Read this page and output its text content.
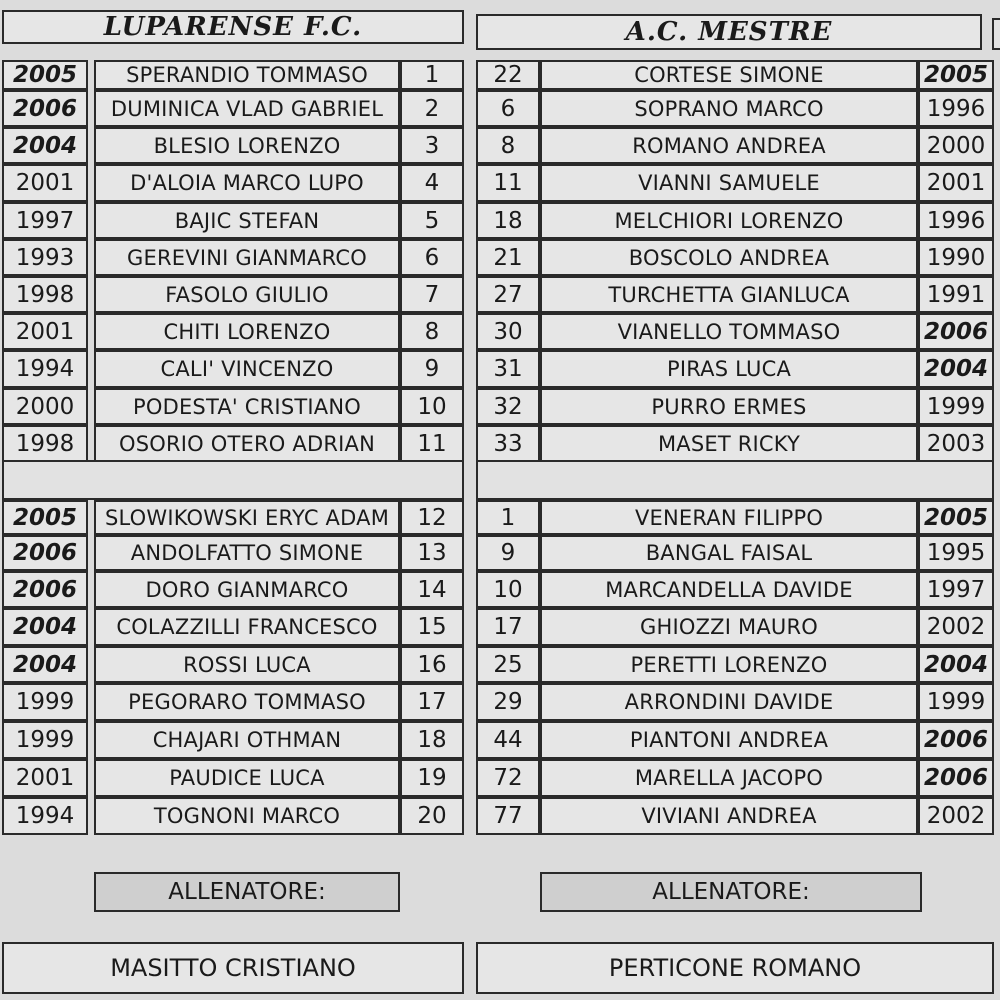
LUPARENSE F.C.	A.C. MESTRE
2005	SPERANDIO TOMMASO	1
2006	DUMINICA VLAD GABRIEL	2
2004	BLESIO LORENZO	3
2001	D'ALOIA MARCO LUPO	4
1997	BAJIC STEFAN	5
1993	GEREVINI GIANMARCO	6
1998	FASOLO GIULIO	7
2001	CHITI LORENZO	8
1994	CALI' VINCENZO	9
2000	PODESTA' CRISTIANO	10
1998	OSORIO OTERO ADRIAN	11
2005	SLOWIKOWSKI ERYC ADAM	12
2006	ANDOLFATTO SIMONE	13
2006	DORO GIANMARCO	14
2004	COLAZZILLI FRANCESCO	15
2004	ROSSI LUCA	16
1999	PEGORARO TOMMASO	17
1999	CHAJARI OTHMAN	18
2001	PAUDICE LUCA	19
1994	TOGNONI MARCO	20
22	CORTESE SIMONE	2005
6	SOPRANO MARCO	1996
8	ROMANO ANDREA	2000
11	VIANNI SAMUELE	2001
18	MELCHIORI LORENZO	1996
21	BOSCOLO ANDREA	1990
27	TURCHETTA GIANLUCA	1991
30	VIANELLO TOMMASO	2006
31	PIRAS LUCA	2004
32	PURRO ERMES	1999
33	MASET RICKY	2003
1	VENERAN FILIPPO	2005
9	BANGAL FAISAL	1995
10	MARCANDELLA DAVIDE	1997
17	GHIOZZI MAURO	2002
25	PERETTI LORENZO	2004
29	ARRONDINI DAVIDE	1999
44	PIANTONI ANDREA	2006
72	MARELLA JACOPO	2006
77	VIVIANI ANDREA	2002
ALLENATORE:	ALLENATORE:
MASITTO CRISTIANO	PERTICONE ROMANO
